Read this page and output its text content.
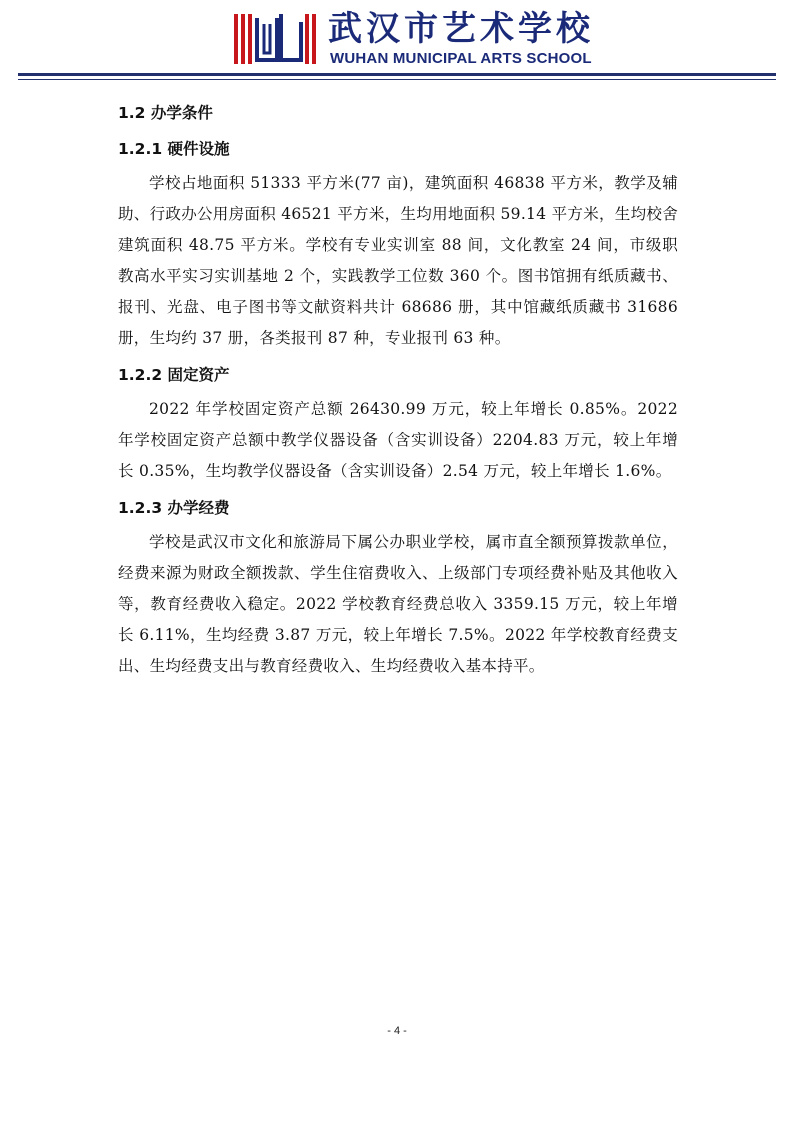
武汉市艺术学校
WUHAN MUNICIPAL ARTS SCHOOL

1.2 办学条件

1.2.1 硬件设施

学校占地面积 51333 平方米(77 亩)，建筑面积 46838 平方米，教学及辅助、行政办公用房面积 46521 平方米，生均用地面积 59.14 平方米，生均校舍建筑面积 48.75 平方米。学校有专业实训室 88 间，文化教室 24 间，市级职教高水平实习实训基地 2 个，实践教学工位数 360 个。图书馆拥有纸质藏书、报刊、光盘、电子图书等文献资料共计 68686 册，其中馆藏纸质藏书 31686 册，生均约 37 册，各类报刊 87 种，专业报刊 63 种。

1.2.2 固定资产

2022 年学校固定资产总额 26430.99 万元，较上年增长 0.85%。2022 年学校固定资产总额中教学仪器设备（含实训设备）2204.83 万元，较上年增长 0.35%，生均教学仪器设备（含实训设备）2.54 万元，较上年增长 1.6%。

1.2.3 办学经费

学校是武汉市文化和旅游局下属公办职业学校，属市直全额预算拨款单位，经费来源为财政全额拨款、学生住宿费收入、上级部门专项经费补贴及其他收入等，教育经费收入稳定。2022 学校教育经费总收入 3359.15 万元，较上年增长 6.11%，生均经费 3.87 万元，较上年增长 7.5%。2022 年学校教育经费支出、生均经费支出与教育经费收入、生均经费收入基本持平。

- 4 -
